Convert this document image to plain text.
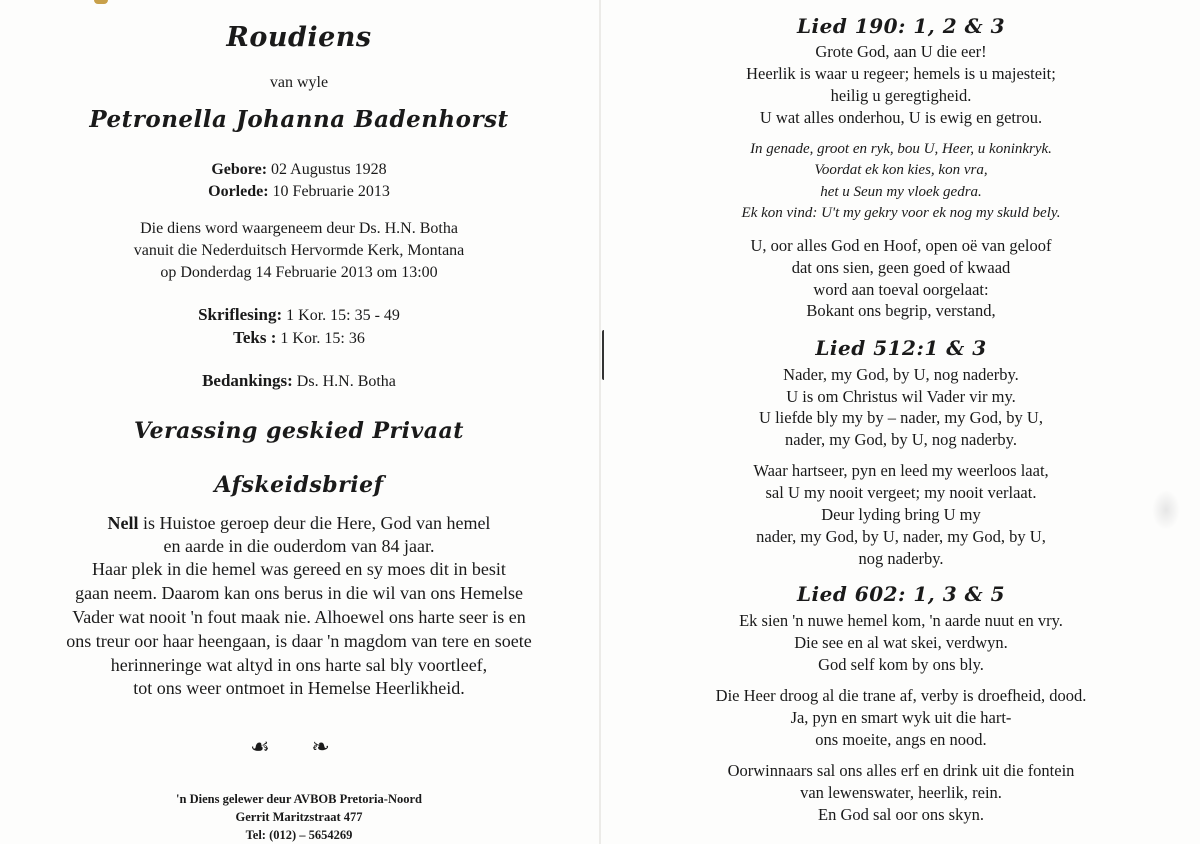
Roudiens
van wyle
Petronella Johanna Badenhorst
Gebore: 02 Augustus 1928
Oorlede: 10 Februarie 2013
Die diens word waargeneem deur Ds. H.N. Botha
vanuit die Nederduitsch Hervormde Kerk, Montana
op Donderdag 14 Februarie 2013 om 13:00
Skriflesing: 1 Kor. 15: 35 - 49
Teks : 1 Kor. 15: 36
Bedankings: Ds. H.N. Botha
Verassing geskied Privaat
Afskeidsbrief
Nell is Huistoe geroep deur die Here, God van hemel
en aarde in die ouderdom van 84 jaar.
Haar plek in die hemel was gereed en sy moes dit in besit
gaan neem. Daarom kan ons berus in die wil van ons Hemelse
Vader wat nooit 'n fout maak nie. Alhoewel ons harte seer is en
ons treur oor haar heengaan, is daar 'n magdom van tere en soete
herinneringe wat altyd in ons harte sal bly voortleef,
tot ons weer ontmoet in Hemelse Heerlikheid.
☙ ❧
'n Diens gelewer deur AVBOB Pretoria-Noord
Gerrit Maritzstraat 477
Tel: (012) – 5654269
Lied 190: 1, 2 & 3
Grote God, aan U die eer!
Heerlik is waar u regeer; hemels is u majesteit;
heilig u geregtigheid.
U wat alles onderhou, U is ewig en getrou.
In genade, groot en ryk, bou U, Heer, u koninkryk.
Voordat ek kon kies, kon vra,
het u Seun my vloek gedra.
Ek kon vind: U't my gekry voor ek nog my skuld bely.
U, oor alles God en Hoof, open oë van geloof
dat ons sien, geen goed of kwaad
word aan toeval oorgelaat:
Bokant ons begrip, verstand,
Lied 512:1 & 3
Nader, my God, by U, nog naderby.
U is om Christus wil Vader vir my.
U liefde bly my by – nader, my God, by U,
nader, my God, by U, nog naderby.
Waar hartseer, pyn en leed my weerloos laat,
sal U my nooit vergeet; my nooit verlaat.
Deur lyding bring U my
nader, my God, by U, nader, my God, by U,
nog naderby.
Lied 602: 1, 3 & 5
Ek sien 'n nuwe hemel kom, 'n aarde nuut en vry.
Die see en al wat skei, verdwyn.
God self kom by ons bly.
Die Heer droog al die trane af, verby is droefheid, dood.
Ja, pyn en smart wyk uit die hart-
ons moeite, angs en nood.
Oorwinnaars sal ons alles erf en drink uit die fontein
van lewenswater, heerlik, rein.
En God sal oor ons skyn.
